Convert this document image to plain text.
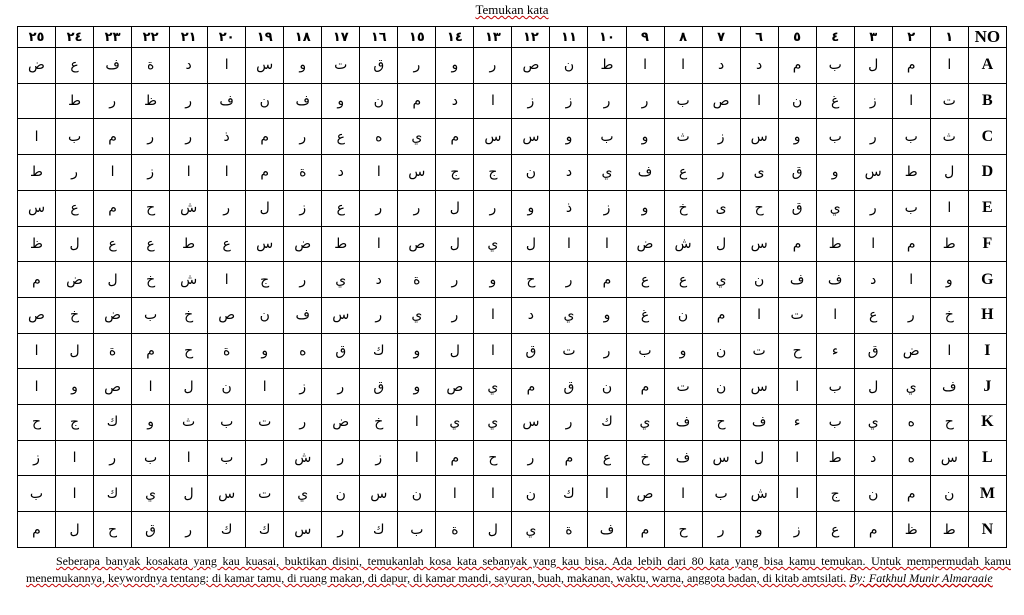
Temukan kata
٢٥	٢٤	٢٣	٢٢	٢١	٢٠	١٩	١٨	١٧	١٦	١٥	١٤	١٣	١٢	١١	١٠	٩	٨	٧	٦	٥	٤	٣	٢	١	NO
ض	ع	ف	ة	د	ا	س	و	ت	ق	ر	و	ر	ص	ن	ط	ا	ا	د	د	م	ب	ل	م	ا	A
	ط	ر	ظ	ر	ف	ن	ف	و	ن	م	د	ا	ز	ز	ر	ر	ب	ص	ا	ن	غ	ز	ا	ت	B
ا	ب	م	ر	ر	ذ	م	ر	ع	ه	ي	م	س	س	و	ب	و	ث	ز	س	و	ب	ر	ب	ث	C
ط	ر	ا	ز	ا	ا	م	ة	د	ا	س	ج	ج	ن	د	ي	ف	ع	ر	ى	ق	و	س	ط	ل	D
س	ع	م	ح	ش	ر	ل	ز	ع	ر	ر	ل	ر	و	ذ	ز	و	خ	ى	ح	ق	ي	ر	ب	ا	E
ظ	ل	ع	ع	ط	ع	س	ض	ط	ا	ص	ل	ي	ل	ا	ا	ض	ش	ل	س	م	ط	ا	م	ط	F
م	ض	ل	خ	ش	ا	ج	ر	ي	د	ة	ر	و	ح	ر	م	ع	ع	ي	ن	ف	ف	د	ا	و	G
ص	خ	ض	ب	خ	ص	ن	ف	س	ر	ي	ر	ا	د	ي	و	غ	ن	م	ا	ت	ا	ع	ر	خ	H
ا	ل	ة	م	ح	ة	و	ه	ق	ك	و	ل	ا	ق	ت	ر	ب	و	ن	ت	ح	ء	ق	ض	ا	I
ا	و	ص	ا	ل	ن	ا	ز	ر	ق	و	ص	ي	م	ق	ن	م	ت	ن	س	ا	ب	ل	ي	ف	J
ح	ج	ك	و	ث	ب	ت	ر	ض	خ	ا	ي	ي	س	ر	ك	ي	ف	ح	ف	ء	ب	ي	ه	ح	K
ز	ا	ر	ب	ا	ب	ر	ش	ر	ز	ا	م	ح	ر	م	ع	خ	ف	س	ل	ا	ط	د	ه	س	L
ب	ا	ك	ي	ل	س	ت	ي	ن	س	ن	ا	ا	ن	ك	ا	ص	ا	ب	ش	ا	ج	ن	م	ن	M
م	ل	ح	ق	ر	ك	ك	س	ر	ك	ب	ة	ل	ي	ة	ف	م	ح	ر	و	ز	ع	م	ظ	ط	N

Seberapa banyak kosakata yang kau kuasai, buktikan disini, temukanlah kosa kata sebanyak yang kau bisa. Ada lebih dari 80 kata yang bisa kamu temukan. Untuk mempermudah kamu menemukannya, keywordnya tentang: di kamar tamu, di ruang makan, di dapur, di kamar mandi, sayuran, buah, makanan, waktu, warna, anggota badan, di kitab amtsilati. By: Fatkhul Munir Almaraaie
